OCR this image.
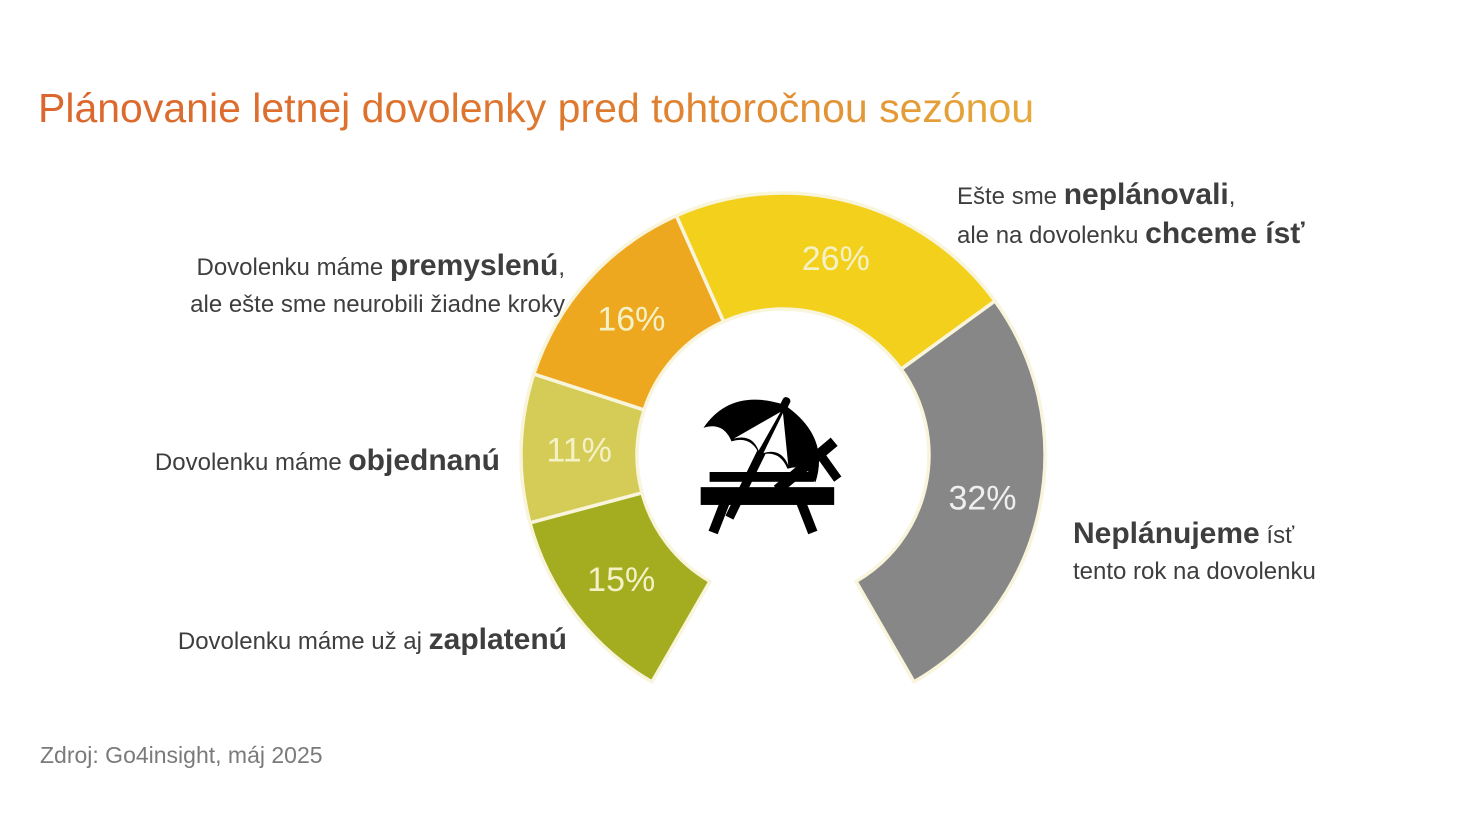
Plánovanie letnej dovolenky pred tohtoročnou sezónou
15%
11%
16%
26%
32%
Ešte sme neplánovali,
ale na dovolenku chceme ísť
Dovolenku máme premyslenú,
ale ešte sme neurobili žiadne kroky
Dovolenku máme objednanú
Dovolenku máme už aj zaplatenú
Neplánujeme ísť
tento rok na dovolenku
Zdroj: Go4insight, máj 2025
